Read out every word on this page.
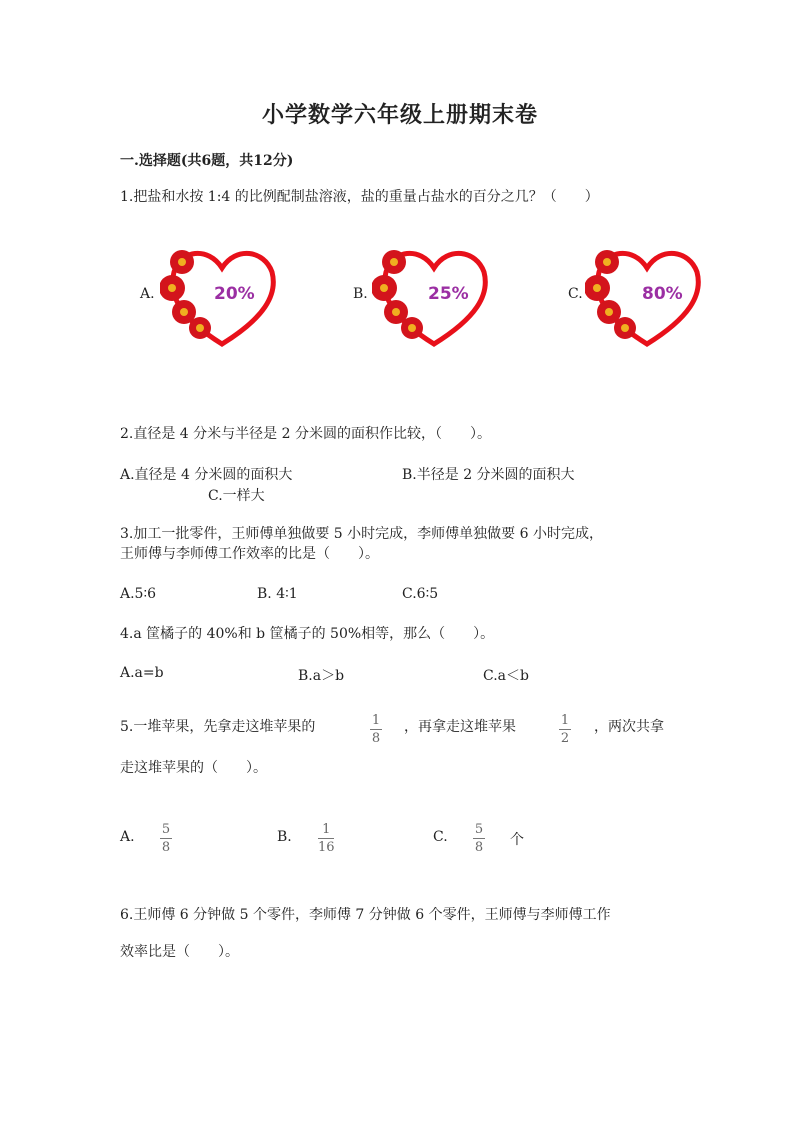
小学数学六年级上册期末卷
一.选择题(共6题，共12分)
1.把盐和水按 1:4 的比例配制盐溶液，盐的重量占盐水的百分之几？（　　）
A.	20%	B.	25%	C.	80%
2.直径是 4 分米与半径是 2 分米圆的面积作比较，（　　）。
A.直径是 4 分米圆的面积大	B.半径是 2 分米圆的面积大
C.一样大
3.加工一批零件，王师傅单独做要 5 小时完成，李师傅单独做要 6 小时完成，
王师傅与李师傅工作效率的比是（　　）。
A.5∶6	B. 4∶1	C.6∶5
4.a 筐橘子的 40%和 b 筐橘子的 50%相等，那么（　　）。
A.a=b	B.a＞b	C.a＜b
5.一堆苹果，先拿走这堆苹果的	1
8
，再拿走这堆苹果	1
2
，两次共拿
走这堆苹果的（　　）。
A. 5
8
B. 1
16
C. 5
8 个
6.王师傅 6 分钟做 5 个零件，李师傅 7 分钟做 6 个零件，王师傅与李师傅工作
效率比是（　　）。
